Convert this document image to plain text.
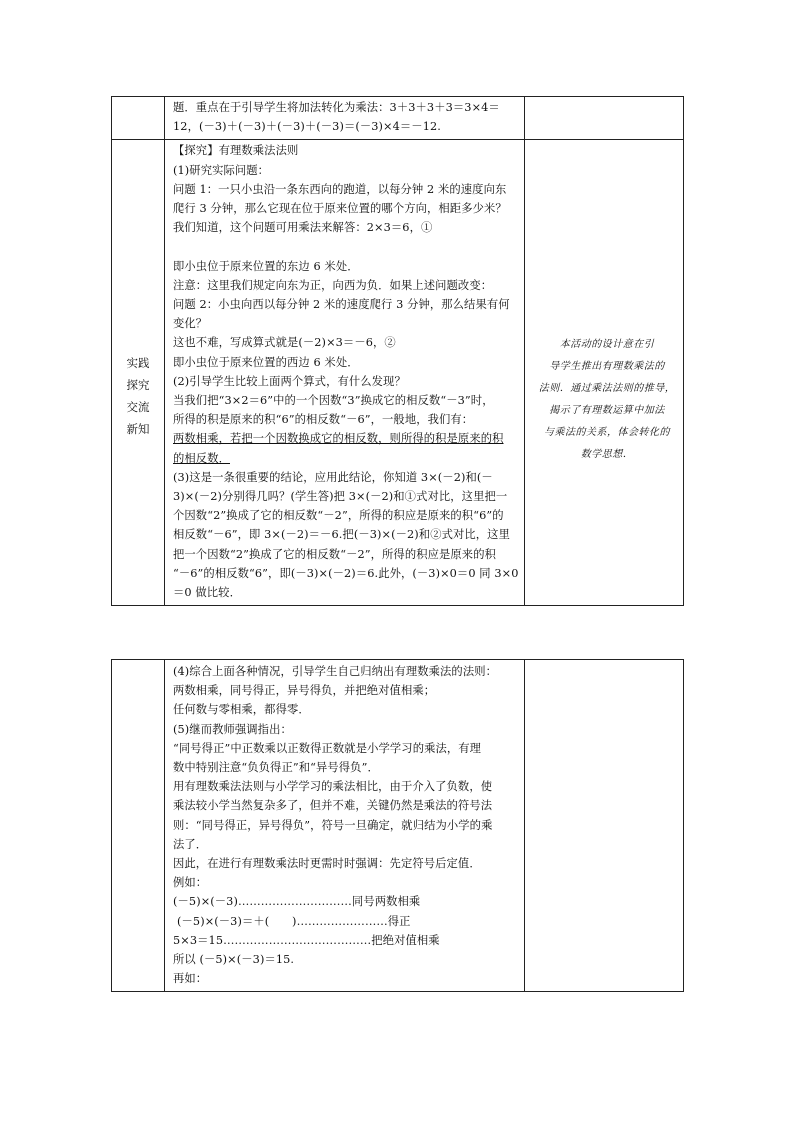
题．重点在于引导学生将加法转化为乘法：3＋3＋3＋3＝3×4＝
12，(－3)＋(－3)＋(－3)＋(－3)＝(－3)×4＝－12.
实践
探究
交流
新知
【探究】有理数乘法法则
(1)研究实际问题：
问题 1：一只小虫沿一条东西向的跑道，以每分钟 2 米的速度向东
爬行 3 分钟，那么它现在位于原来位置的哪个方向，相距多少米？
我们知道，这个问题可用乘法来解答：2×3＝6，①

即小虫位于原来位置的东边 6 米处．
注意：这里我们规定向东为正，向西为负．如果上述问题改变：
问题 2：小虫向西以每分钟 2 米的速度爬行 3 分钟，那么结果有何
变化？
这也不难，写成算式就是(－2)×3＝－6，②
即小虫位于原来位置的西边 6 米处．
(2)引导学生比较上面两个算式，有什么发现？
当我们把“3×2＝6”中的一个因数“3”换成它的相反数“－3”时，
所得的积是原来的积“6”的相反数“－6”，一般地，我们有：
两数相乘，若把一个因数换成它的相反数，则所得的积是原来的积
的相反数．
(3)这是一条很重要的结论，应用此结论，你知道 3×(－2)和(－
3)×(－2)分别得几吗？(学生答)把 3×(－2)和①式对比，这里把一
个因数“2”换成了它的相反数“－2”，所得的积应是原来的积“6”的
相反数“－6”，即 3×(－2)＝－6.把(－3)×(－2)和②式对比，这里
把一个因数“2”换成了它的相反数“－2”，所得的积应是原来的积
“－6”的相反数“6”，即(－3)×(－2)＝6.此外，(－3)×0＝0 同 3×0
＝0 做比较．
本活动的设计意在引
导学生推出有理数乘法的
法则．通过乘法法则的推导，
揭示了有理数运算中加法
与乘法的关系，体会转化的
数学思想．
(4)综合上面各种情况，引导学生自己归纳出有理数乘法的法则：
两数相乘，同号得正，异号得负，并把绝对值相乘；
任何数与零相乘，都得零．
(5)继而教师强调指出：
“同号得正”中正数乘以正数得正数就是小学学习的乘法，有理
数中特别注意“负负得正”和“异号得负”．
用有理数乘法法则与小学学习的乘法相比，由于介入了负数，使
乘法较小学当然复杂多了，但并不难，关键仍然是乘法的符号法
则：“同号得正，异号得负”，符号一旦确定，就归结为小学的乘
法了．
因此，在进行有理数乘法时更需时时强调：先定符号后定值．
例如：
(－5)×(－3)…………………………同号两数相乘
(－5)×(－3)＝＋(　　)……………………得正
5×3＝15…………………………………把绝对值相乘
所以 (－5)×(－3)＝15.
再如：
